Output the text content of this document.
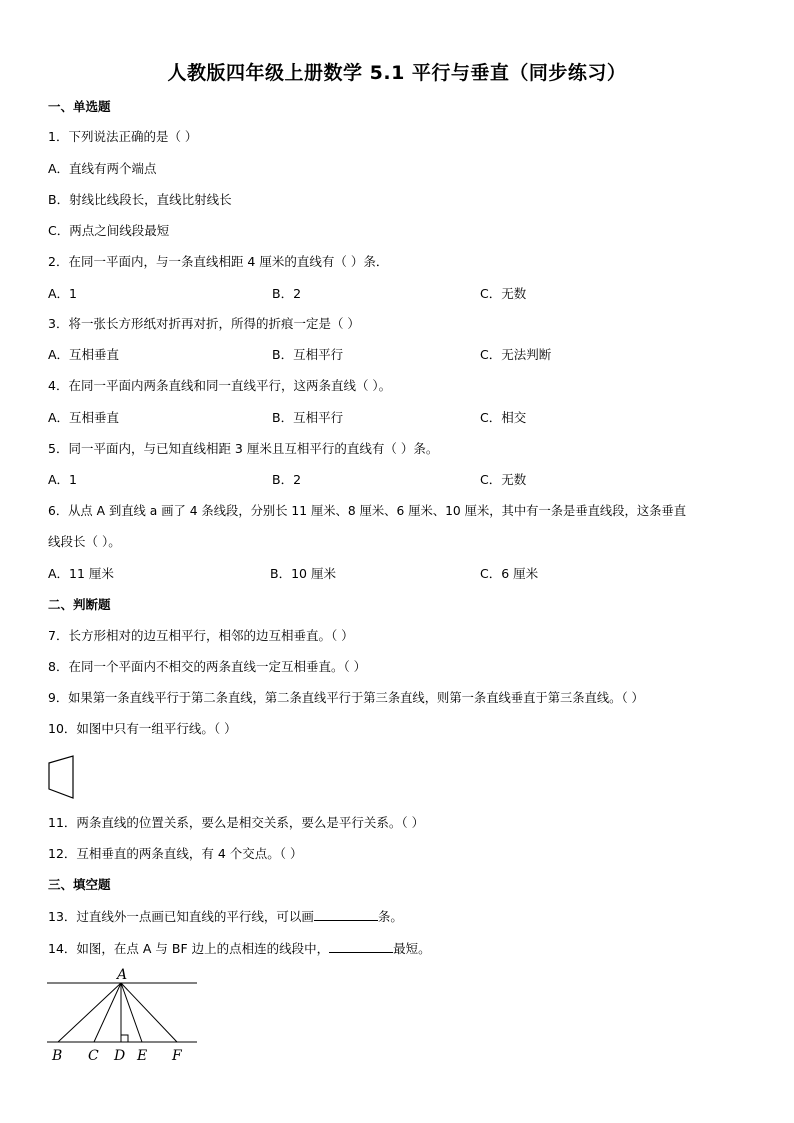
人教版四年级上册数学 5.1 平行与垂直（同步练习）
一、单选题
1．下列说法正确的是（ ）
A．直线有两个端点
B．射线比线段长，直线比射线长
C．两点之间线段最短
2．在同一平面内，与一条直线相距 4 厘米的直线有（ ）条．
A．1	B．2	C．无数
3．将一张长方形纸对折再对折，所得的折痕一定是（ ）
A．互相垂直	B．互相平行	C．无法判断
4．在同一平面内两条直线和同一直线平行，这两条直线（ ）。
A．互相垂直	B．互相平行	C．相交
5．同一平面内，与已知直线相距 3 厘米且互相平行的直线有（ ）条。
A．1	B．2	C．无数
6．从点 A 到直线 a 画了 4 条线段，分别长 11 厘米、8 厘米、6 厘米、10 厘米，其中有一条是垂直线段，这条垂直
线段长（ ）。
A．11 厘米	B．10 厘米	C．6 厘米
二、判断题
7．长方形相对的边互相平行，相邻的边互相垂直。（ ）
8．在同一个平面内不相交的两条直线一定互相垂直。（ ）
9．如果第一条直线平行于第二条直线，第二条直线平行于第三条直线，则第一条直线垂直于第三条直线。（ ）
10．如图中只有一组平行线。（ ）
11．两条直线的位置关系，要么是相交关系，要么是平行关系。（ ）
12．互相垂直的两条直线，有 4 个交点。（ ）
三、填空题
13．过直线外一点画已知直线的平行线，可以画	条。
14．如图，在点 A 与 BF 边上的点相连的线段中，	最短。
A
B C D E F
